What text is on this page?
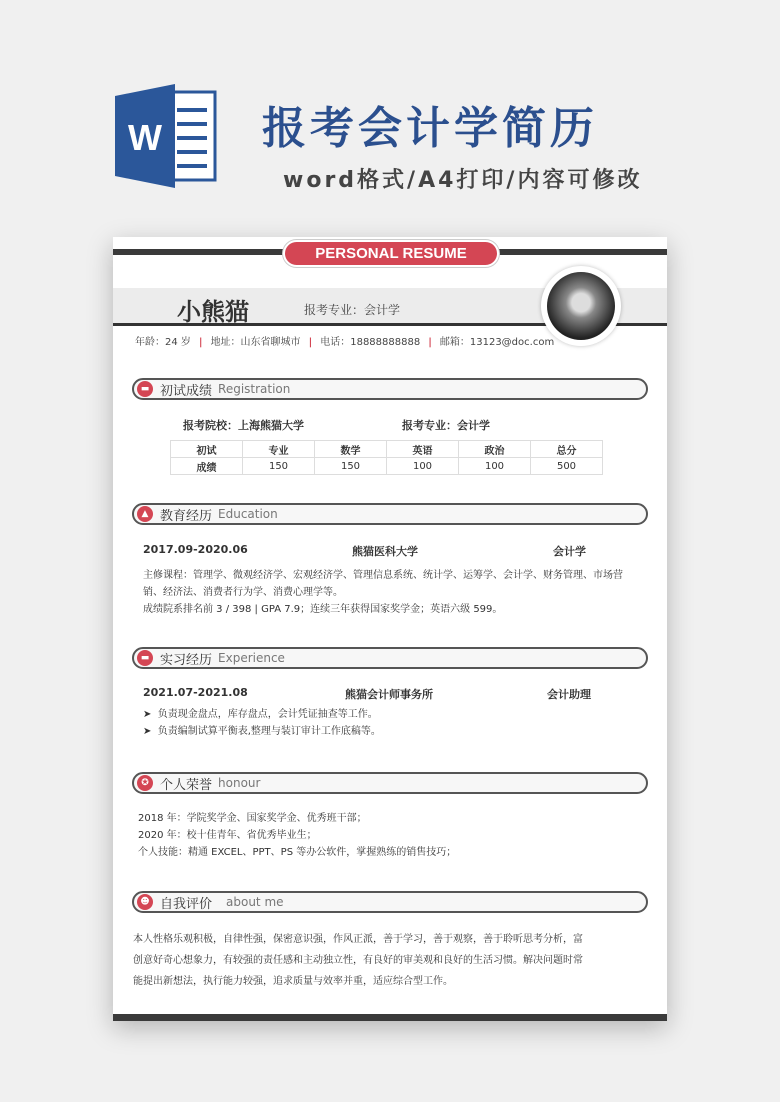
W 报考会计学简历
word格式/A4打印/内容可修改
PERSONAL RESUME
小熊猫	报考专业：会计学
年龄：24 岁 | 地址：山东省聊城市 | 电话：18888888888 | 邮箱：13123@doc.com
▬ 初试成绩 Registration
报考院校：上海熊猫大学	报考专业：会计学
初试	专业	数学	英语	政治	总分
成绩	150	150	100	100	500
▲ 教育经历 Education
2017.09-2020.06	熊猫医科大学	会计学
主修课程：管理学、微观经济学、宏观经济学、管理信息系统、统计学、运筹学、会计学、财务管理、市场营
销、经济法、消费者行为学、消费心理学等。
成绩院系排名前 3 / 398 | GPA 7.9；连续三年获得国家奖学金；英语六级 599。
▬ 实习经历 Experience
2021.07-2021.08	熊猫会计师事务所	会计助理
➤  负责现金盘点，库存盘点，会计凭证抽查等工作。
➤  负责编制试算平衡表,整理与装订审计工作底稿等。
✪ 个人荣誉 honour
2018 年：学院奖学金、国家奖学金、优秀班干部；
2020 年：校十佳青年、省优秀毕业生；
个人技能：精通 EXCEL、PPT、PS 等办公软件，掌握熟练的销售技巧；
☻ 自我评价 about me
本人性格乐观积极，自律性强，保密意识强，作风正派，善于学习，善于观察，善于聆听思考分析，富
创意好奇心想象力，有较强的责任感和主动独立性，有良好的审美观和良好的生活习惯。解决问题时常
能提出新想法，执行能力较强，追求质量与效率并重，适应综合型工作。
